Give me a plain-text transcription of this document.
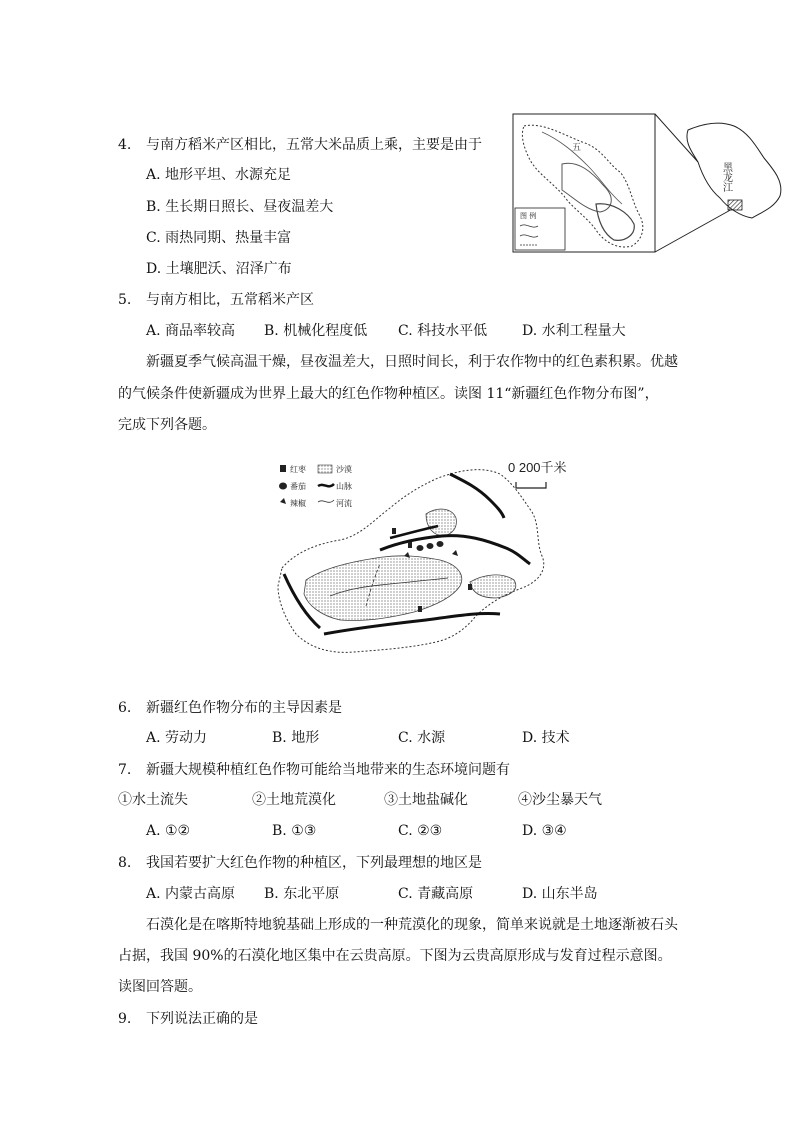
4. 与南方稻米产区相比，五常大米品质上乘，主要是由于
A. 地形平坦、水源充足
B. 生长期日照长、昼夜温差大
C. 雨热同期、热量丰富
D. 土壤肥沃、沼泽广布
5. 与南方相比，五常稻米产区
A. 商品率较高 B. 机械化程度低 C. 科技水平低 D. 水利工程量大
新疆夏季气候高温干燥，昼夜温差大，日照时间长，利于农作物中的红色素积累。优越
的气候条件使新疆成为世界上最大的红色作物种植区。读图 11“新疆红色作物分布图”，
完成下列各题。
五
图 例
黑龙江
红枣	沙漠
番茄	山脉
辣椒	河流
0 200千米
6. 新疆红色作物分布的主导因素是
A. 劳动力	B. 地形	C. 水源	D. 技术
7. 新疆大规模种植红色作物可能给当地带来的生态环境问题有
①水土流失	②土地荒漠化	③土地盐碱化	④沙尘暴天气
A. ①②	B. ①③	C. ②③	D. ③④
8. 我国若要扩大红色作物的种植区，下列最理想的地区是
A. 内蒙古高原 B. 东北平原	C. 青藏高原	D. 山东半岛
石漠化是在喀斯特地貌基础上形成的一种荒漠化的现象，简单来说就是土地逐渐被石头
占据，我国 90%的石漠化地区集中在云贵高原。下图为云贵高原形成与发育过程示意图。
读图回答题。
9. 下列说法正确的是
